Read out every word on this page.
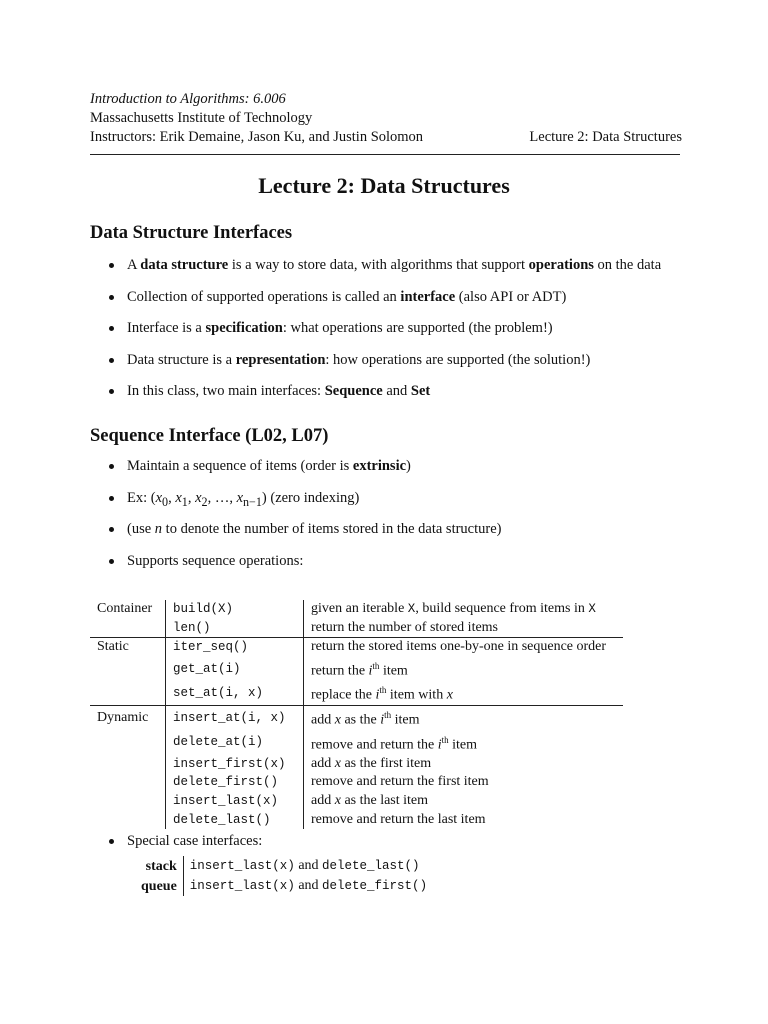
Introduction to Algorithms: 6.006
Massachusetts Institute of Technology
Instructors: Erik Demaine, Jason Ku, and Justin Solomon	Lecture 2: Data Structures
Lecture 2: Data Structures
Data Structure Interfaces
A data structure is a way to store data, with algorithms that support operations on the data
Collection of supported operations is called an interface (also API or ADT)
Interface is a specification: what operations are supported (the problem!)
Data structure is a representation: how operations are supported (the solution!)
In this class, two main interfaces: Sequence and Set
Sequence Interface (L02, L07)
Maintain a sequence of items (order is extrinsic)
Ex: ($x_0$, $x_1$, $x_2$, …, $x_{n-1}$) (zero indexing)
(use n to denote the number of items stored in the data structure)
Supports sequence operations:
Container	build(X)	given an iterable X, build sequence from items in X
	len()	return the number of stored items
Static	iter_seq()	return the stored items one-by-one in sequence order
	get_at(i)	return the $i^{th}$ item
	set_at(i, x)	replace the $i^{th}$ item with x
Dynamic	insert_at(i, x)	add x as the $i^{th}$ item
	delete_at(i)	remove and return the $i^{th}$ item
	insert_first(x)	add x as the first item
	delete_first()	remove and return the first item
	insert_last(x)	add x as the last item
	delete_last()	remove and return the last item
Special case interfaces:
stack	insert_last(x) and delete_last()
queue	insert_last(x) and delete_first()
